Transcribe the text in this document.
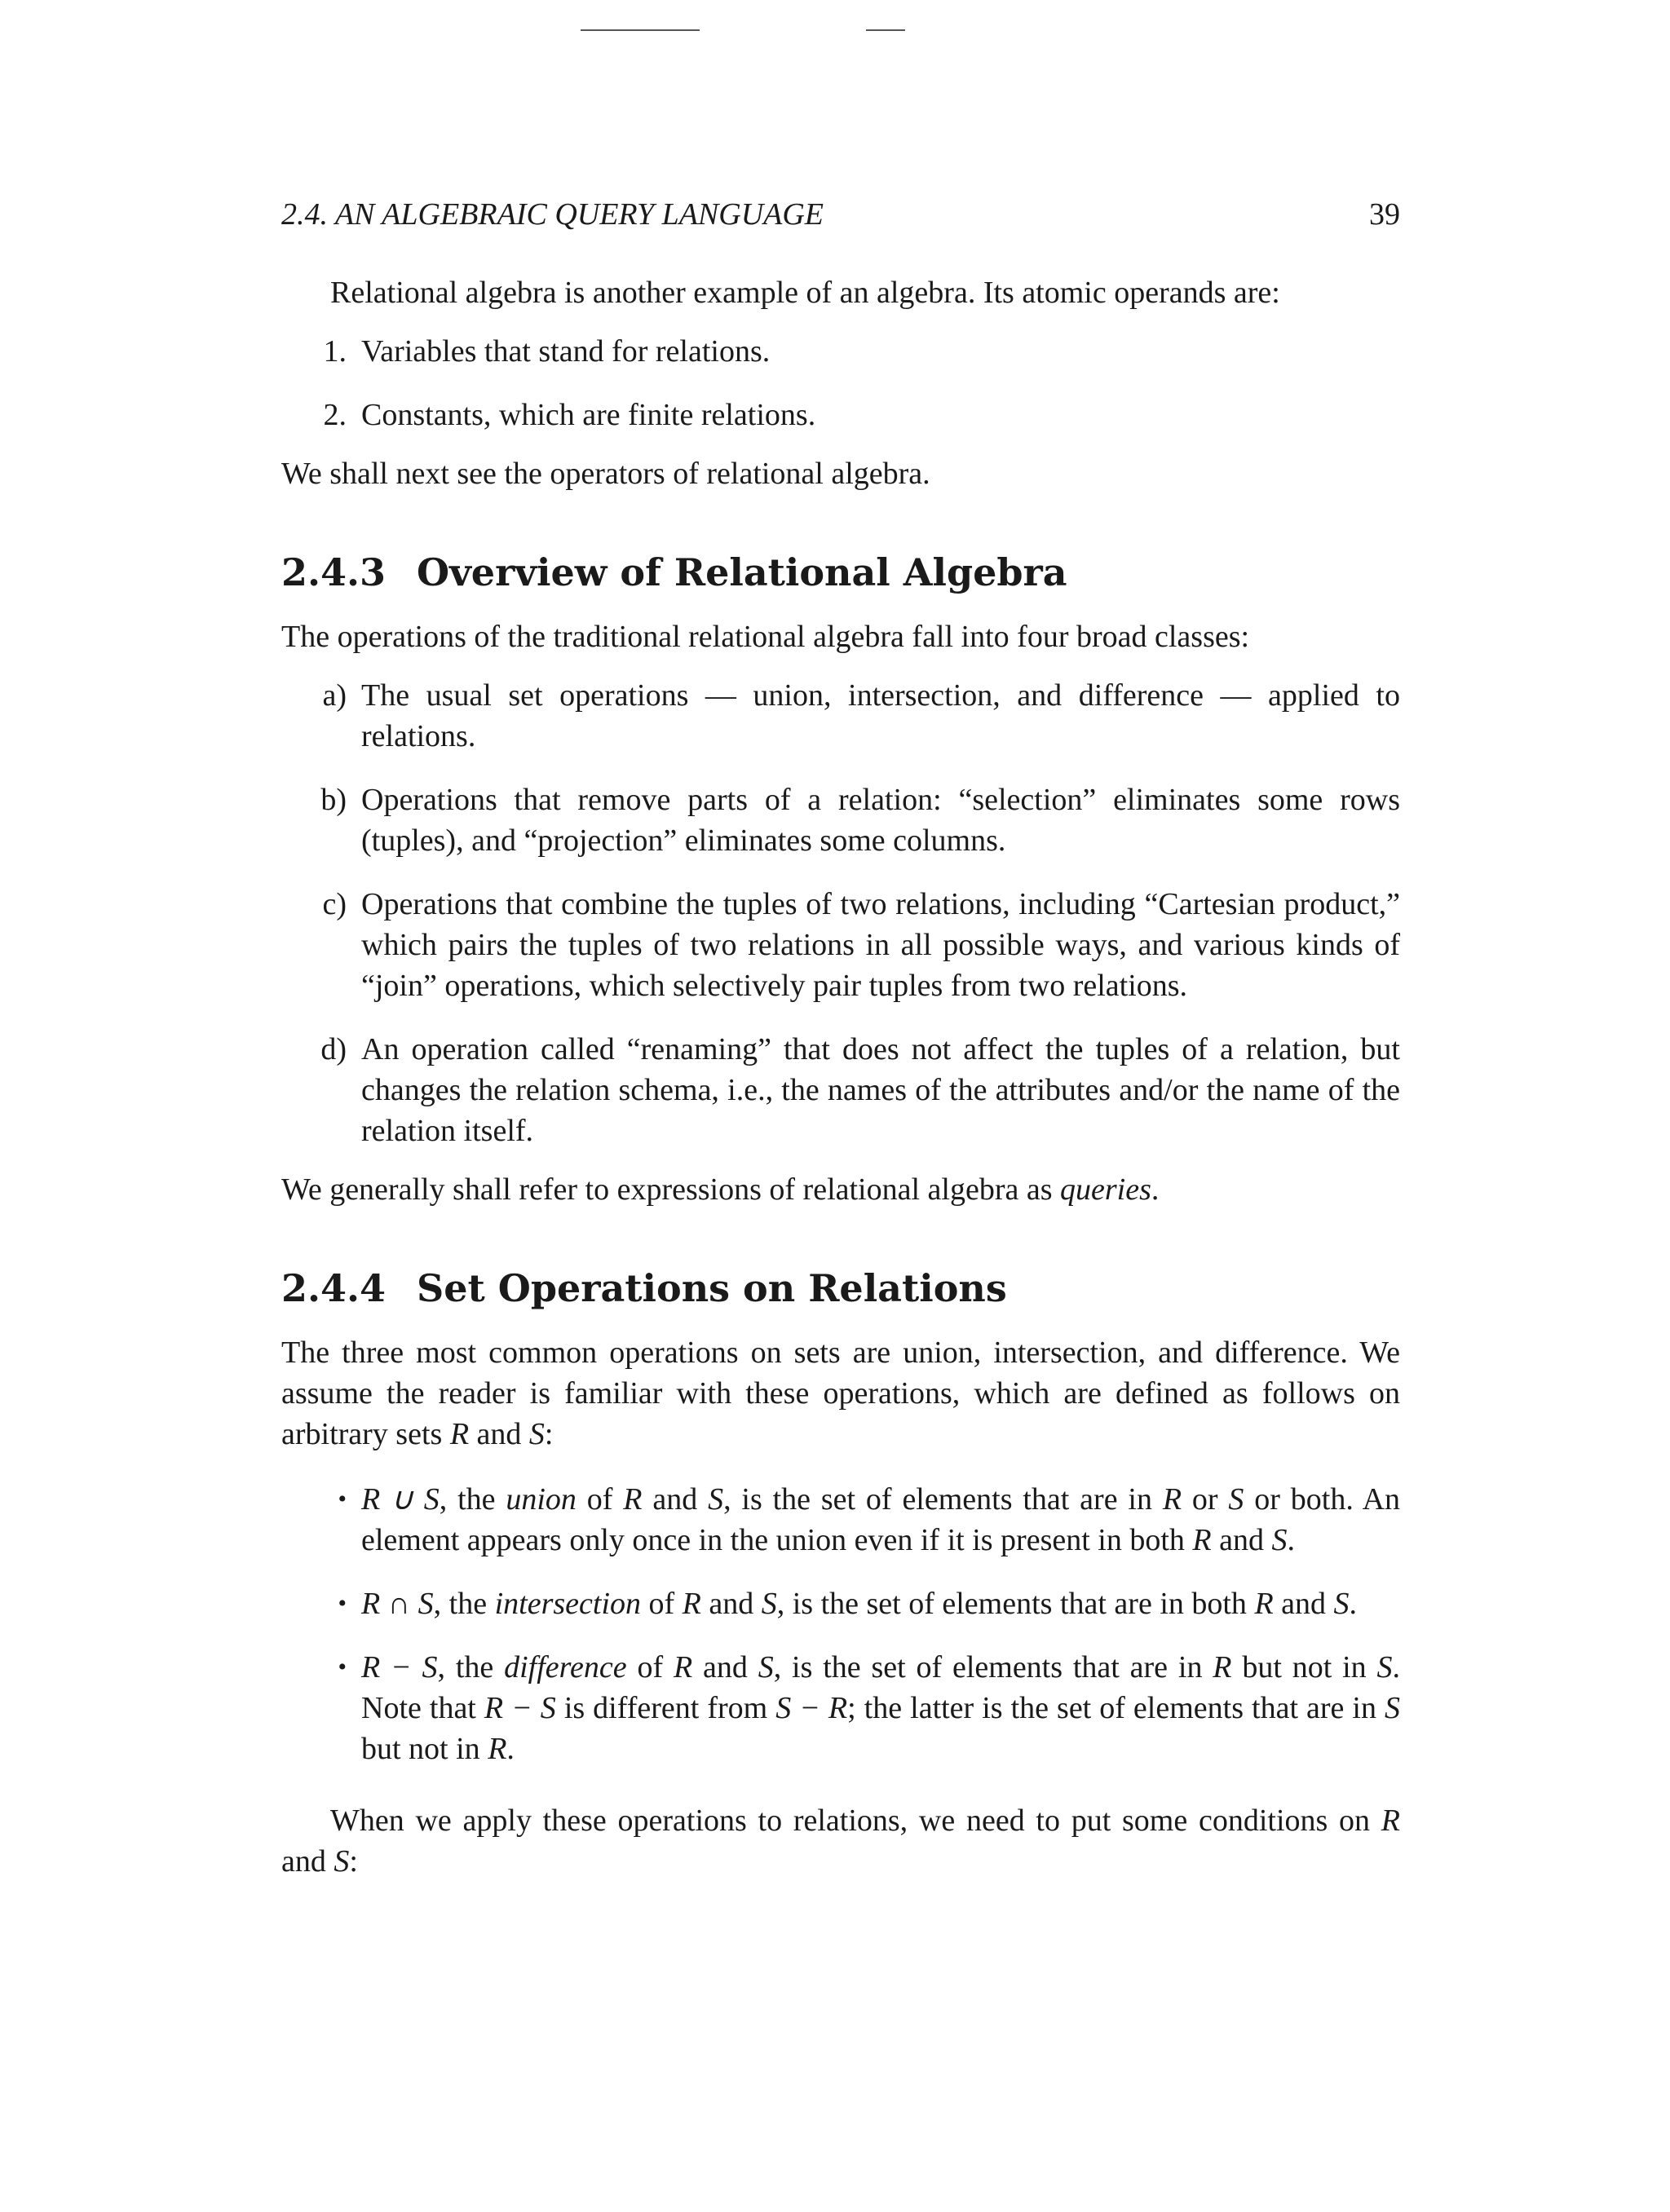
2.4. AN ALGEBRAIC QUERY LANGUAGE	39

Relational algebra is another example of an algebra. Its atomic operands are:

1. Variables that stand for relations.
2. Constants, which are finite relations.

We shall next see the operators of relational algebra.

2.4.3 Overview of Relational Algebra

The operations of the traditional relational algebra fall into four broad classes:

a) The usual set operations — union, intersection, and difference — applied to relations.
b) Operations that remove parts of a relation: “selection” eliminates some rows (tuples), and “projection” eliminates some columns.
c) Operations that combine the tuples of two relations, including “Cartesian product,” which pairs the tuples of two relations in all possible ways, and various kinds of “join” operations, which selectively pair tuples from two relations.
d) An operation called “renaming” that does not affect the tuples of a relation, but changes the relation schema, i.e., the names of the attributes and/or the name of the relation itself.

We generally shall refer to expressions of relational algebra as queries.

2.4.4 Set Operations on Relations

The three most common operations on sets are union, intersection, and difference. We assume the reader is familiar with these operations, which are defined as follows on arbitrary sets R and S:

• R ∪ S, the union of R and S, is the set of elements that are in R or S or both. An element appears only once in the union even if it is present in both R and S.
• R ∩ S, the intersection of R and S, is the set of elements that are in both R and S.
• R − S, the difference of R and S, is the set of elements that are in R but not in S. Note that R − S is different from S − R; the latter is the set of elements that are in S but not in R.

When we apply these operations to relations, we need to put some conditions on R and S:
